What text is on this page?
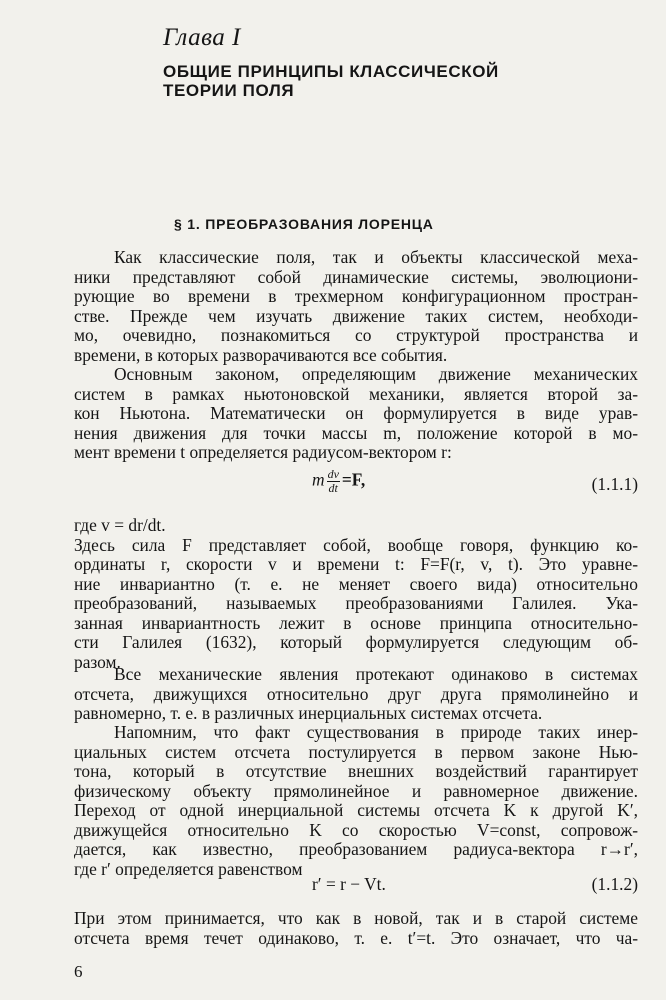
Глава I
ОБЩИЕ ПРИНЦИПЫ КЛАССИЧЕСКОЙ
ТЕОРИИ ПОЛЯ
§ 1. ПРЕОБРАЗОВАНИЯ ЛОРЕНЦА
Как классические поля, так и объекты классической меха-
ники представляют собой динамические системы, эволюциони-
рующие во времени в трехмерном конфигурационном простран-
стве. Прежде чем изучать движение таких систем, необходи-
мо, очевидно, познакомиться со структурой пространства и
времени, в которых разворачиваются все события.
Основным законом, определяющим движение механических
систем в рамках ньютоновской механики, является второй за-
кон Ньютона. Математически он формулируется в виде урав-
нения движения для точки массы m, положение которой в мо-
мент времени t определяется радиусом-вектором r:
m $\frac{dv}{dt} =F$,	(1.1.1)
где v = dr/dt.
Здесь сила F представляет собой, вообще говоря, функцию ко-
ординаты r, скорости v и времени t: F=F(r, v, t). Это уравне-
ние инвариантно (т. е. не меняет своего вида) относительно
преобразований, называемых преобразованиями Галилея. Ука-
занная инвариантность лежит в основе принципа относительно-
сти Галилея (1632), который формулируется следующим об-
разом.
Все механические явления протекают одинаково в системах
отсчета, движущихся относительно друг друга прямолинейно и
равномерно, т. е. в различных инерциальных системах отсчета.
Напомним, что факт существования в природе таких инер-
циальных систем отсчета постулируется в первом законе Нью-
тона, который в отсутствие внешних воздействий гарантирует
физическому объекту прямолинейное и равномерное движение.
Переход от одной инерциальной системы отсчета K к другой K′,
движущейся относительно K со скоростью V=const, сопровож-
дается, как известно, преобразованием радиуса-вектора r→r′,
где r′ определяется равенством
r′ = r − Vt.	(1.1.2)
При этом принимается, что как в новой, так и в старой системе
отсчета время течет одинаково, т. е. t′=t. Это означает, что ча-
6
